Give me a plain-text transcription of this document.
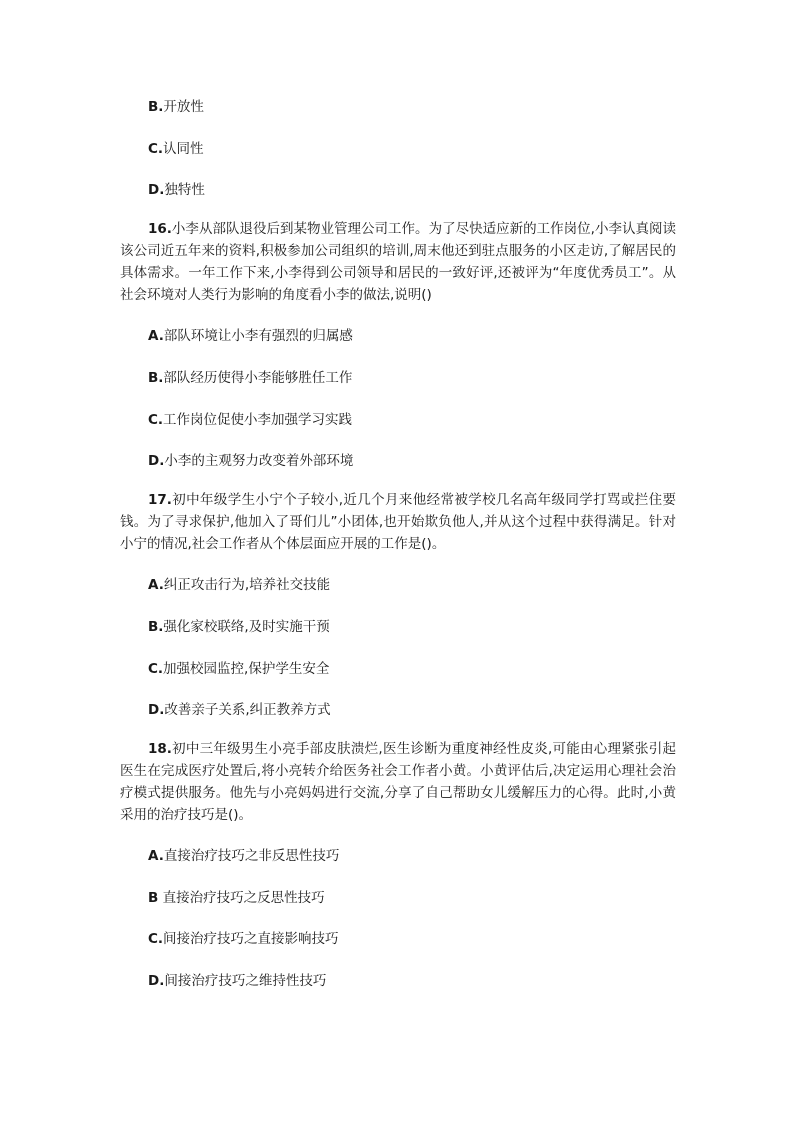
B.开放性
C.认同性
D.独特性
16.小李从部队退役后到某物业管理公司工作。为了尽快适应新的工作岗位,小李认真阅读该公司近五年来的资料,积极参加公司组织的培训,周末他还到驻点服务的小区走访,了解居民的具体需求。一年工作下来,小李得到公司领导和居民的一致好评,还被评为“年度优秀员工”。从社会环境对人类行为影响的角度看小李的做法,说明()
A.部队环境让小李有强烈的归属感
B.部队经历使得小李能够胜任工作
C.工作岗位促使小李加强学习实践
D.小李的主观努力改变着外部环境
17.初中年级学生小宁个子较小,近几个月来他经常被学校几名高年级同学打骂或拦住要钱。为了寻求保护,他加入了哥们儿”小团体,也开始欺负他人,并从这个过程中获得满足。针对小宁的情况,社会工作者从个体层面应开展的工作是()。
A.纠正攻击行为,培养社交技能
B.强化家校联络,及时实施干预
C.加强校园监控,保护学生安全
D.改善亲子关系,纠正教养方式
18.初中三年级男生小亮手部皮肤溃烂,医生诊断为重度神经性皮炎,可能由心理紧张引起医生在完成医疗处置后,将小亮转介给医务社会工作者小黄。小黄评估后,决定运用心理社会治疗模式提供服务。他先与小亮妈妈进行交流,分享了自己帮助女儿缓解压力的心得。此时,小黄采用的治疗技巧是()。
A.直接治疗技巧之非反思性技巧
B 直接治疗技巧之反思性技巧
C.间接治疗技巧之直接影响技巧
D.间接治疗技巧之维持性技巧
